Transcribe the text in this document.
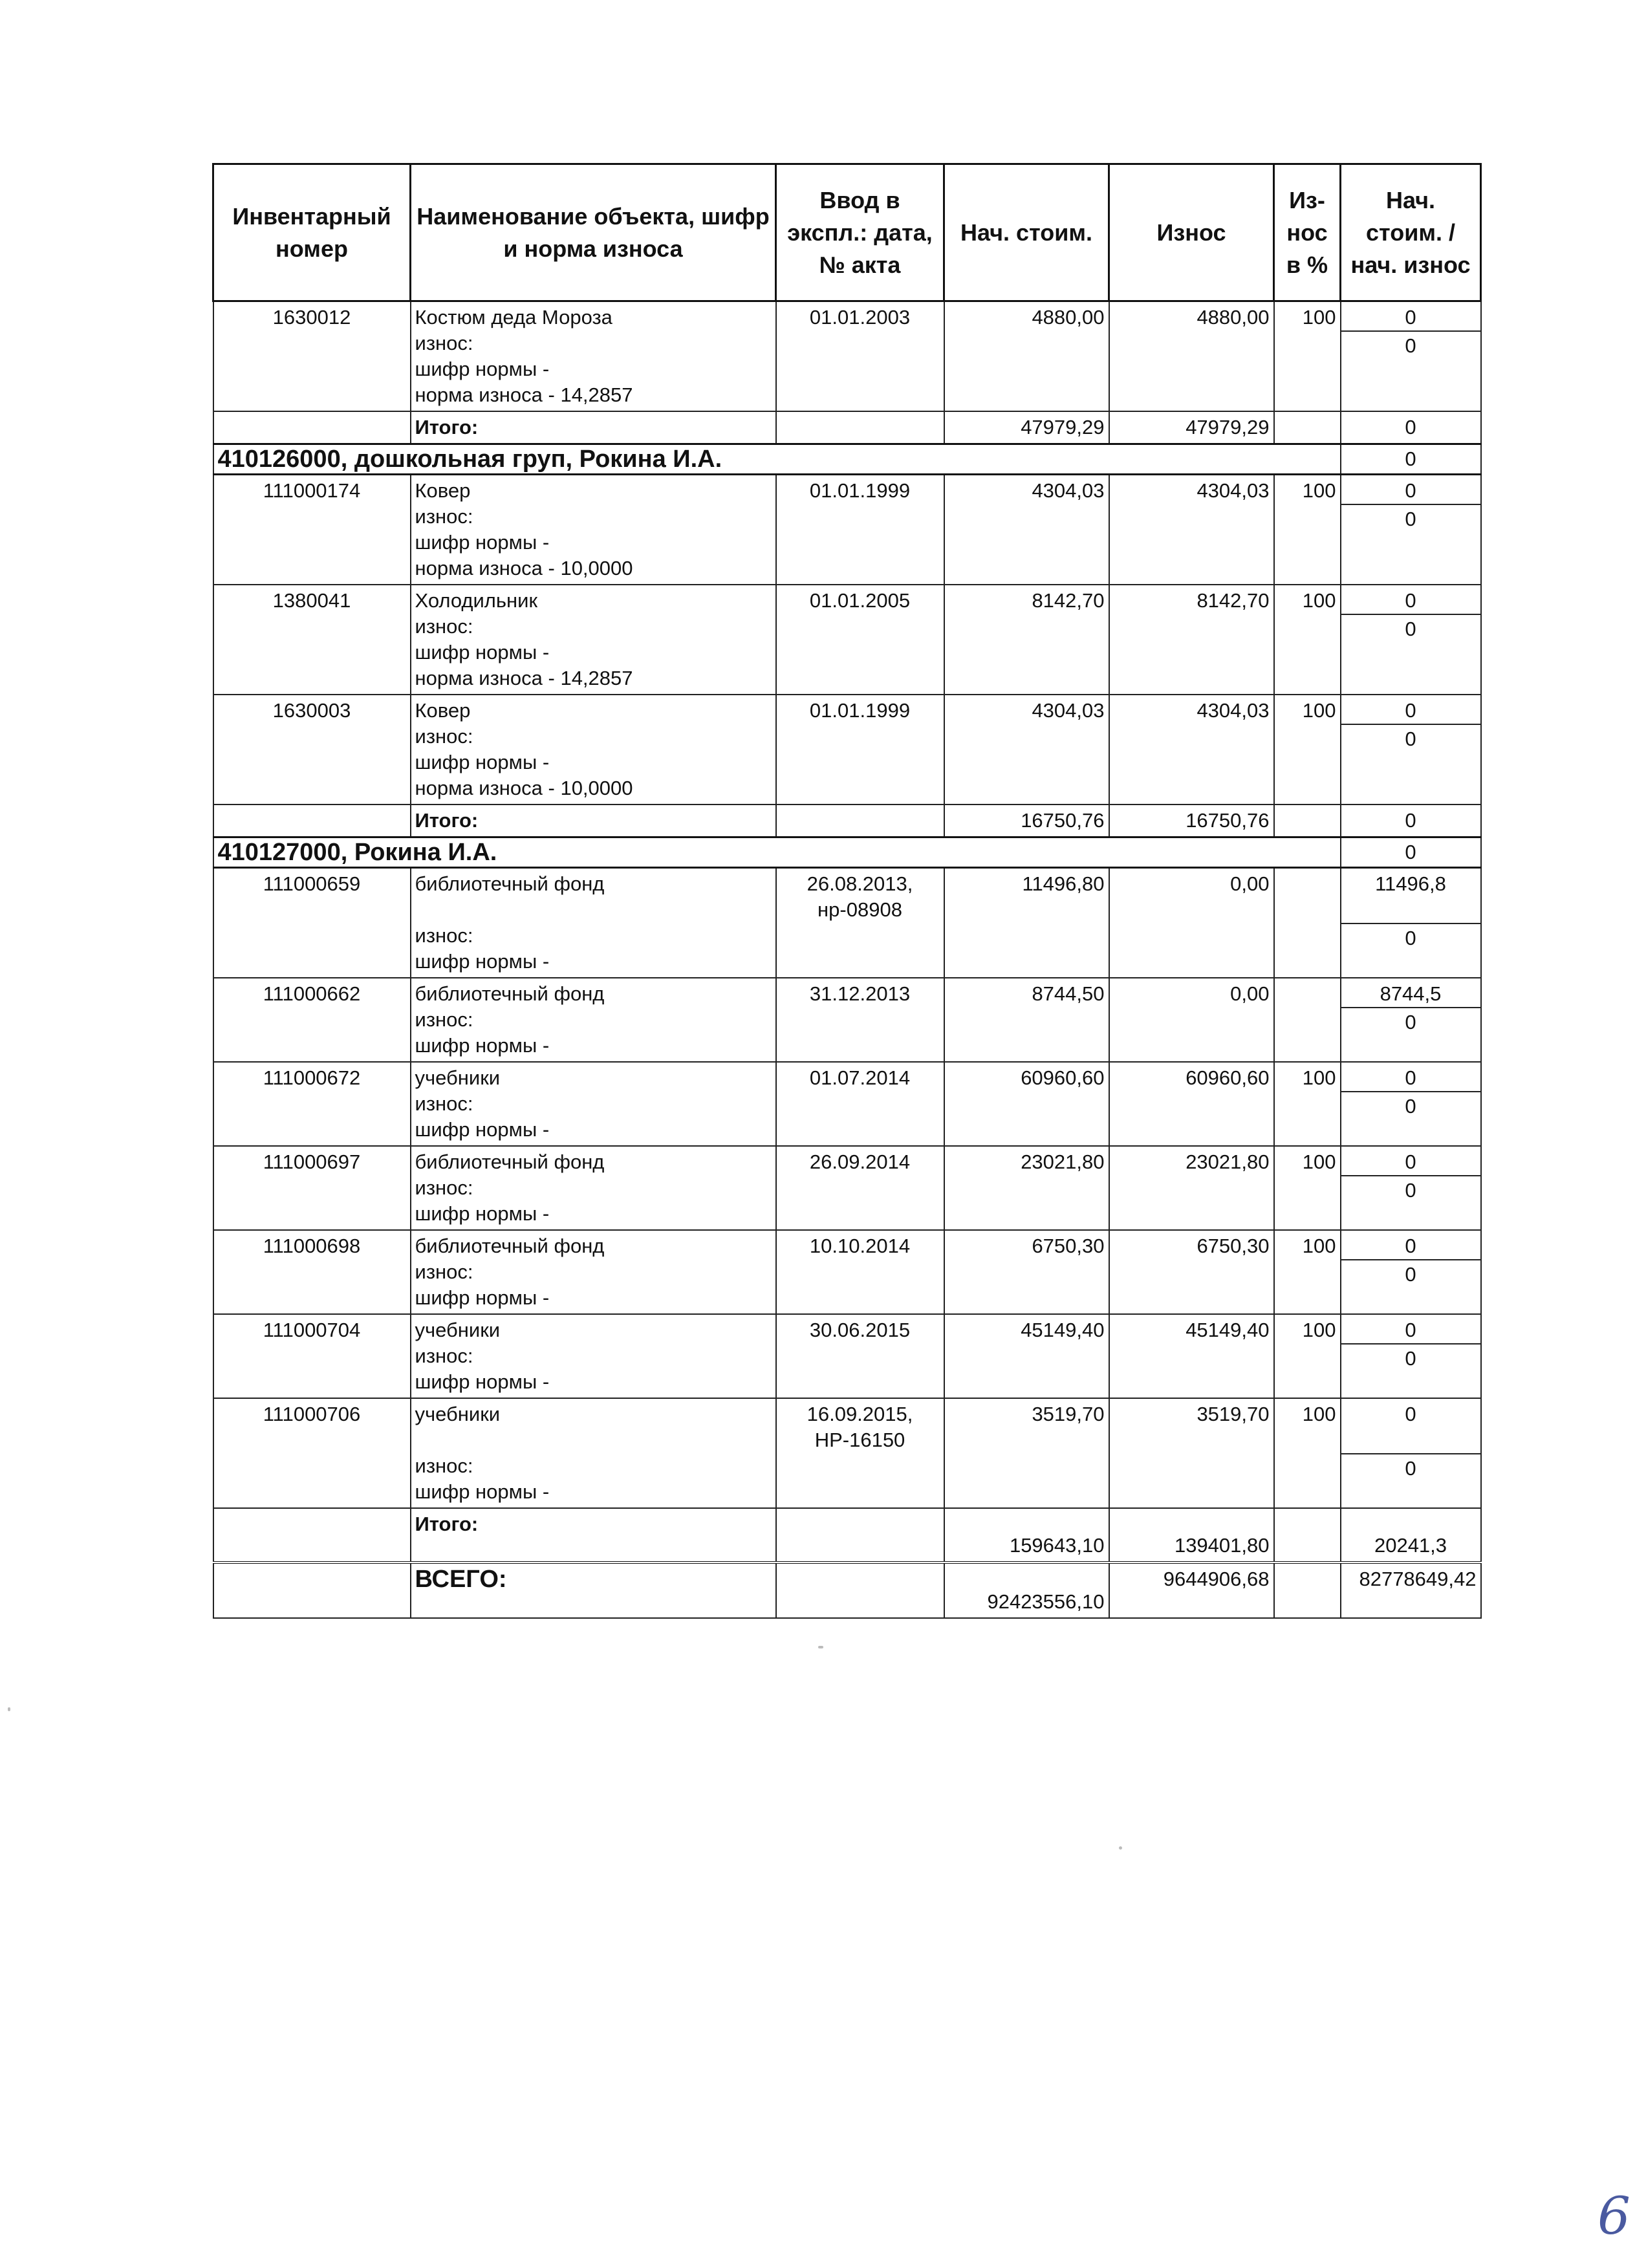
Инвентарный номер	Наименование объекта, шифр и норма износа	Ввод в экспл.: дата, № акта	Нач. стоим.	Износ	Из-нос в %	Нач. стоим. / нач. износ
1630012	Костюм деда Мороза
износ:
шифр нормы -
норма износа - 14,2857	01.01.2003	4880,00	4880,00	100	0
0

	Итого:		47979,29	47979,29		0
410126000, дошкольная груп, Рокина И.А.						0
111000174	Ковер
износ:
шифр нормы -
норма износа - 10,0000	01.01.1999	4304,03	4304,03	100	0
0

1380041	Холодильник
износ:
шифр нормы -
норма износа - 14,2857	01.01.2005	8142,70	8142,70	100	0
0

1630003	Ковер
износ:
шифр нормы -
норма износа - 10,0000	01.01.1999	4304,03	4304,03	100	0
0

	Итого:		16750,76	16750,76		0
410127000, Рокина И.А.						0
111000659	библиотечный фонд
износ:
шифр нормы -	26.08.2013, нр-08908	11496,80	0,00		11496,8
0

111000662	библиотечный фонд
износ:
шифр нормы -	31.12.2013	8744,50	0,00		8744,5
0

111000672	учебники
износ:
шифр нормы -	01.07.2014	60960,60	60960,60	100	0
0

111000697	библиотечный фонд
износ:
шифр нормы -	26.09.2014	23021,80	23021,80	100	0
0

111000698	библиотечный фонд
износ:
шифр нормы -	10.10.2014	6750,30	6750,30	100	0
0

111000704	учебники
износ:
шифр нормы -	30.06.2015	45149,40	45149,40	100	0
0

111000706	учебники
износ:
шифр нормы -	16.09.2015, НР-16150	3519,70	3519,70	100	0
0

	Итого:		159643,10	139401,80		20241,3
	ВСЕГО:		92423556,10	9644906,68		82778649,42
6
